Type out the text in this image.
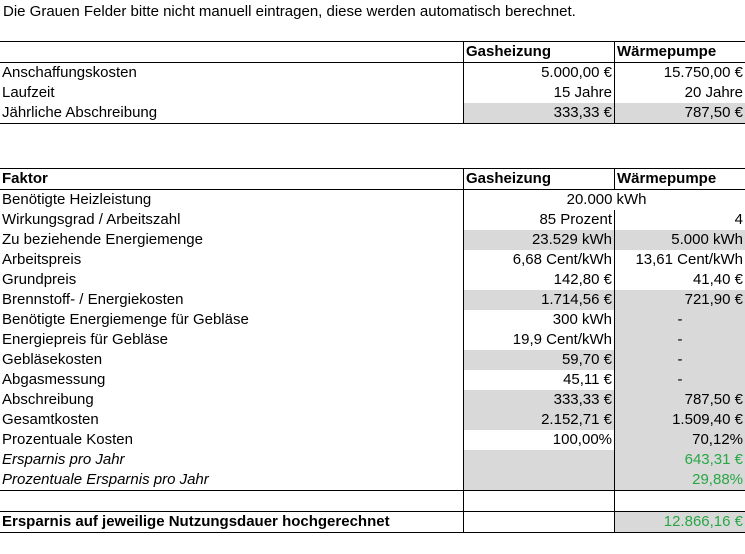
Die Grauen Felder bitte nicht manuell eintragen, diese werden automatisch berechnet.
	Gasheizung	Wärmepumpe
Anschaffungskosten	5.000,00 €	15.750,00 €
Laufzeit	15 Jahre	20 Jahre
Jährliche Abschreibung	333,33 €	787,50 €
Faktor	Gasheizung	Wärmepumpe
Benötigte Heizleistung	20.000	kWh
Wirkungsgrad / Arbeitszahl	85 Prozent	4
Zu beziehende Energiemenge	23.529 kWh	5.000 kWh
Arbeitspreis	6,68 Cent/kWh	13,61 Cent/kWh
Grundpreis	142,80 €	41,40 €
Brennstoff- / Energiekosten	1.714,56 €	721,90 €
Benötigte Energiemenge für Gebläse	300 kWh	-
Energiepreis für Gebläse	19,9 Cent/kWh	-
Gebläsekosten	59,70 €	-
Abgasmessung	45,11 €	-
Abschreibung	333,33 €	787,50 €
Gesamtkosten	2.152,71 €	1.509,40 €
Prozentuale Kosten	100,00%	70,12%
Ersparnis pro Jahr		643,31 €
Prozentuale Ersparnis pro Jahr		29,88%

Ersparnis auf jeweilige Nutzungsdauer hochgerechnet		12.866,16 €
